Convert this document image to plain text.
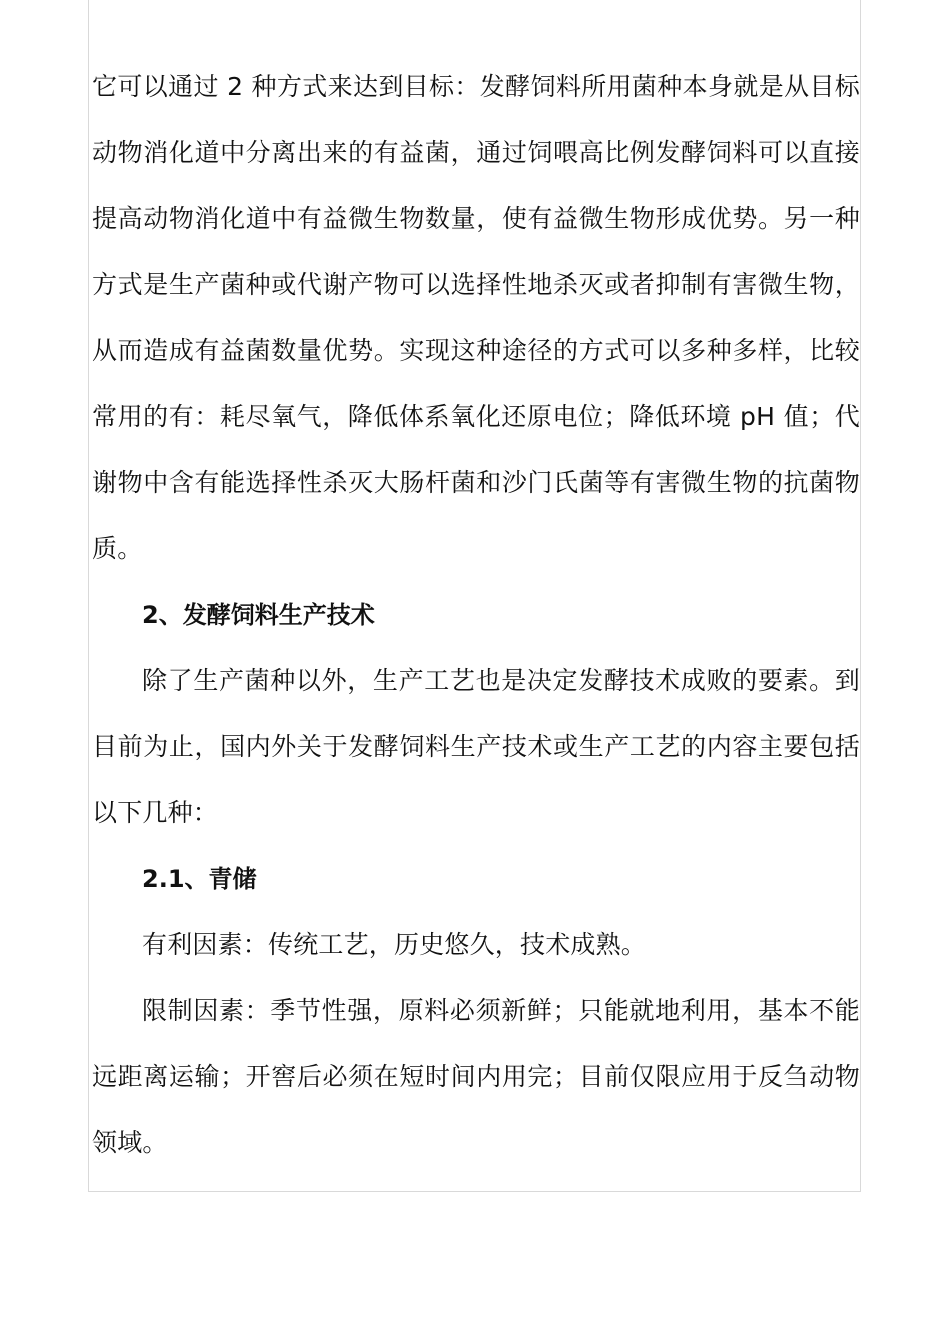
它可以通过 2 种方式来达到目标：发酵饲料所用菌种本身就是从目标动物消化道中分离出来的有益菌，通过饲喂高比例发酵饲料可以直接提高动物消化道中有益微生物数量，使有益微生物形成优势。另一种方式是生产菌种或代谢产物可以选择性地杀灭或者抑制有害微生物，从而造成有益菌数量优势。实现这种途径的方式可以多种多样，比较常用的有：耗尽氧气，降低体系氧化还原电位；降低环境 pH 值；代谢物中含有能选择性杀灭大肠杆菌和沙门氏菌等有害微生物的抗菌物质。

2、发酵饲料生产技术

除了生产菌种以外，生产工艺也是决定发酵技术成败的要素。到目前为止，国内外关于发酵饲料生产技术或生产工艺的内容主要包括以下几种：

2.1、青储

有利因素：传统工艺，历史悠久，技术成熟。

限制因素：季节性强，原料必须新鲜；只能就地利用，基本不能远距离运输；开窖后必须在短时间内用完；目前仅限应用于反刍动物领域。
